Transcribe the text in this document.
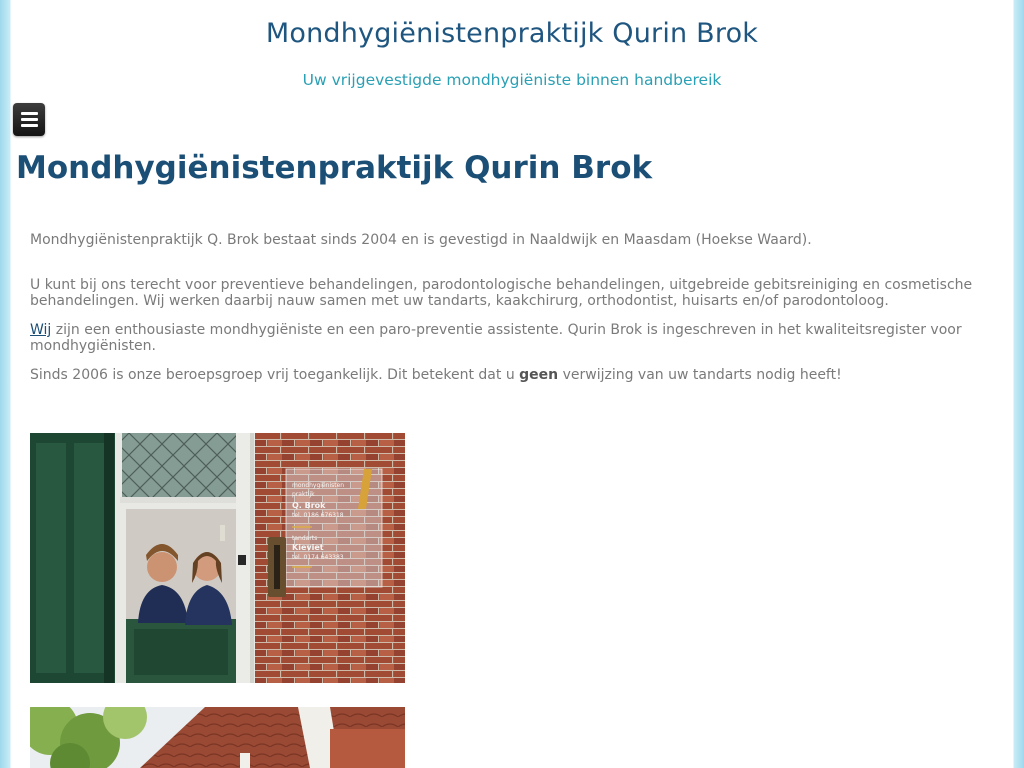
Mondhygiënistenpraktijk Qurin Brok
Uw vrijgevestigde mondhygiëniste binnen handbereik
Mondhygiënistenpraktijk Qurin Brok

Mondhygiënistenpraktijk Q. Brok bestaat sinds 2004 en is gevestigd in Naaldwijk en Maasdam (Hoekse Waard).

U kunt bij ons terecht voor preventieve behandelingen, parodontologische behandelingen, uitgebreide gebitsreiniging en cosmetische behandelingen. Wij werken daarbij nauw samen met uw tandarts, kaakchirurg, orthodontist, huisarts en/of parodontoloog.

Wij zijn een enthousiaste mondhygiëniste en een paro-preventie assistente. Qurin Brok is ingeschreven in het kwaliteitsregister voor mondhygiënisten.

Sinds 2006 is onze beroepsgroep vrij toegankelijk. Dit betekent dat u geen verwijzing van uw tandarts nodig heeft!
